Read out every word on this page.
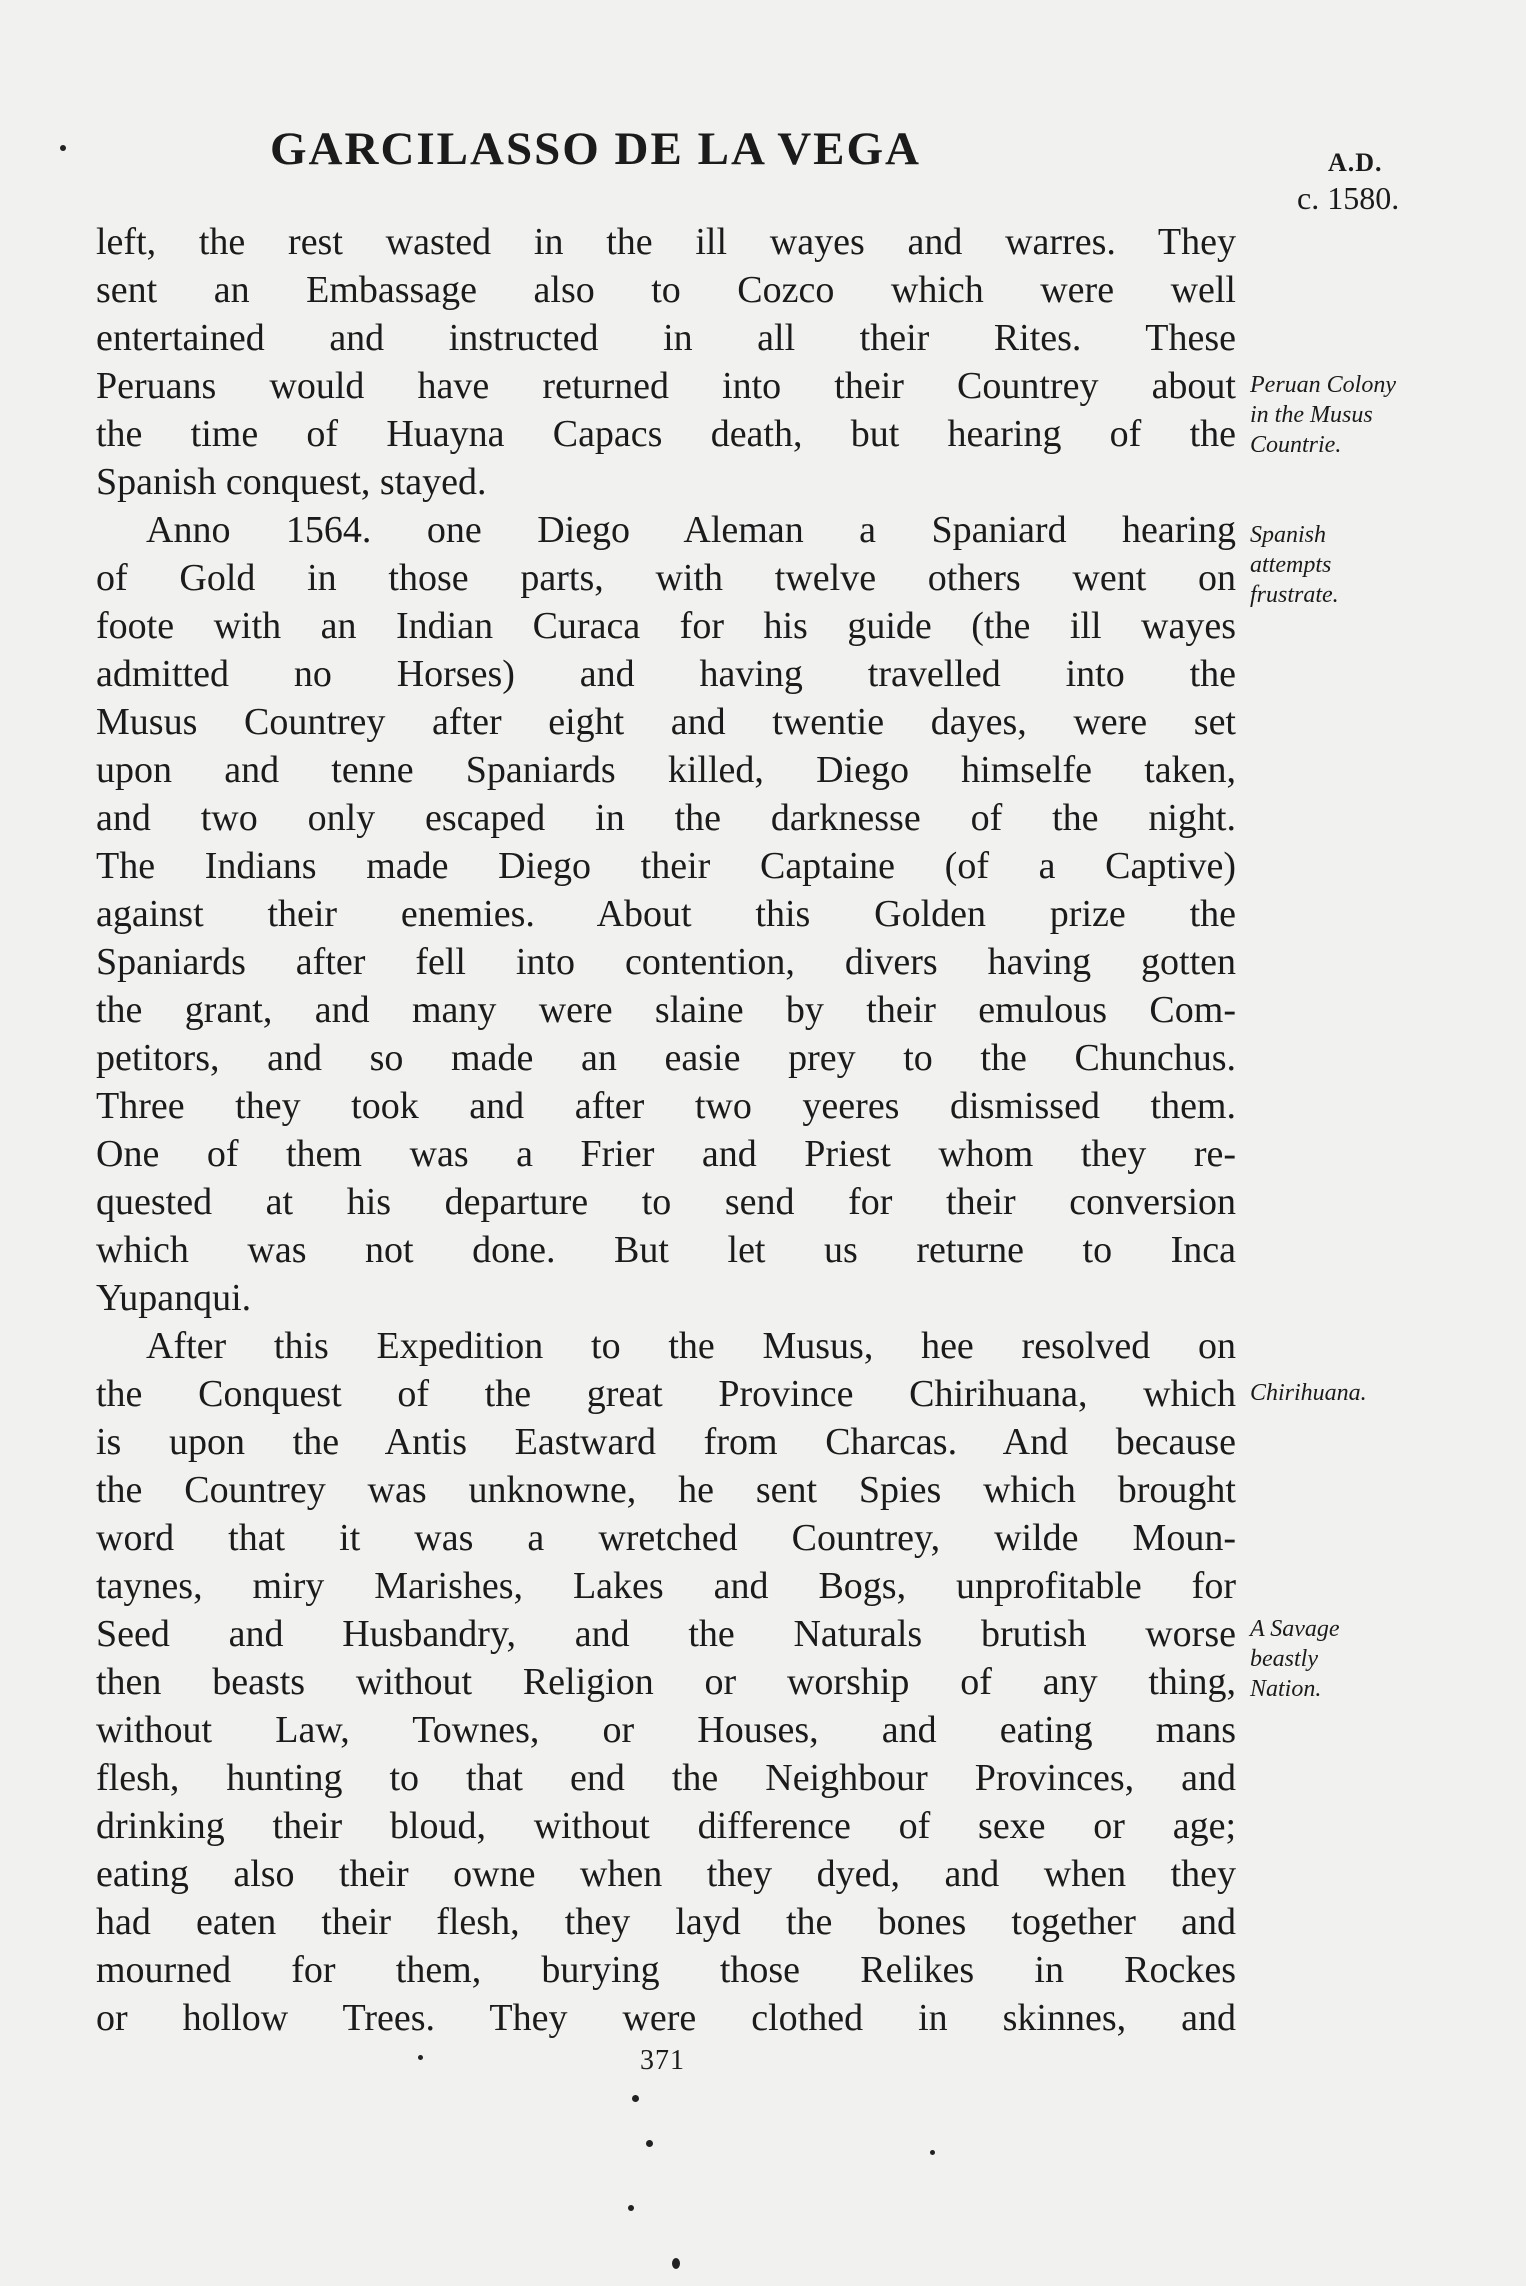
GARCILASSO DE LA VEGA	A.D.
c. 1580.
left, the rest wasted in the ill wayes and warres. They
sent an Embassage also to Cozco which were well
entertained and instructed in all their Rites. These
Peruans would have returned into their Countrey about
the time of Huayna Capacs death, but hearing of the
Spanish conquest, stayed.
Anno 1564. one Diego Aleman a Spaniard hearing
of Gold in those parts, with twelve others went on
foote with an Indian Curaca for his guide (the ill wayes
admitted no Horses) and having travelled into the
Musus Countrey after eight and twentie dayes, were set
upon and tenne Spaniards killed, Diego himselfe taken,
and two only escaped in the darknesse of the night.
The Indians made Diego their Captaine (of a Captive)
against their enemies. About this Golden prize the
Spaniards after fell into contention, divers having gotten
the grant, and many were slaine by their emulous Com-
petitors, and so made an easie prey to the Chunchus.
Three they took and after two yeeres dismissed them.
One of them was a Frier and Priest whom they re-
quested at his departure to send for their conversion
which was not done. But let us returne to Inca
Yupanqui.
After this Expedition to the Musus, hee resolved on
the Conquest of the great Province Chirihuana, which
is upon the Antis Eastward from Charcas. And because
the Countrey was unknowne, he sent Spies which brought
word that it was a wretched Countrey, wilde Moun-
taynes, miry Marishes, Lakes and Bogs, unprofitable for
Seed and Husbandry, and the Naturals brutish worse
then beasts without Religion or worship of any thing,
without Law, Townes, or Houses, and eating mans
flesh, hunting to that end the Neighbour Provinces, and
drinking their bloud, without difference of sexe or age;
eating also their owne when they dyed, and when they
had eaten their flesh, they layd the bones together and
mourned for them, burying those Relikes in Rockes
or hollow Trees. They were clothed in skinnes, and
Peruan Colony
in the Musus
Countrie.
Spanish
attempts
frustrate.
Chirihuana.
A Savage
beastly
Nation.
371
